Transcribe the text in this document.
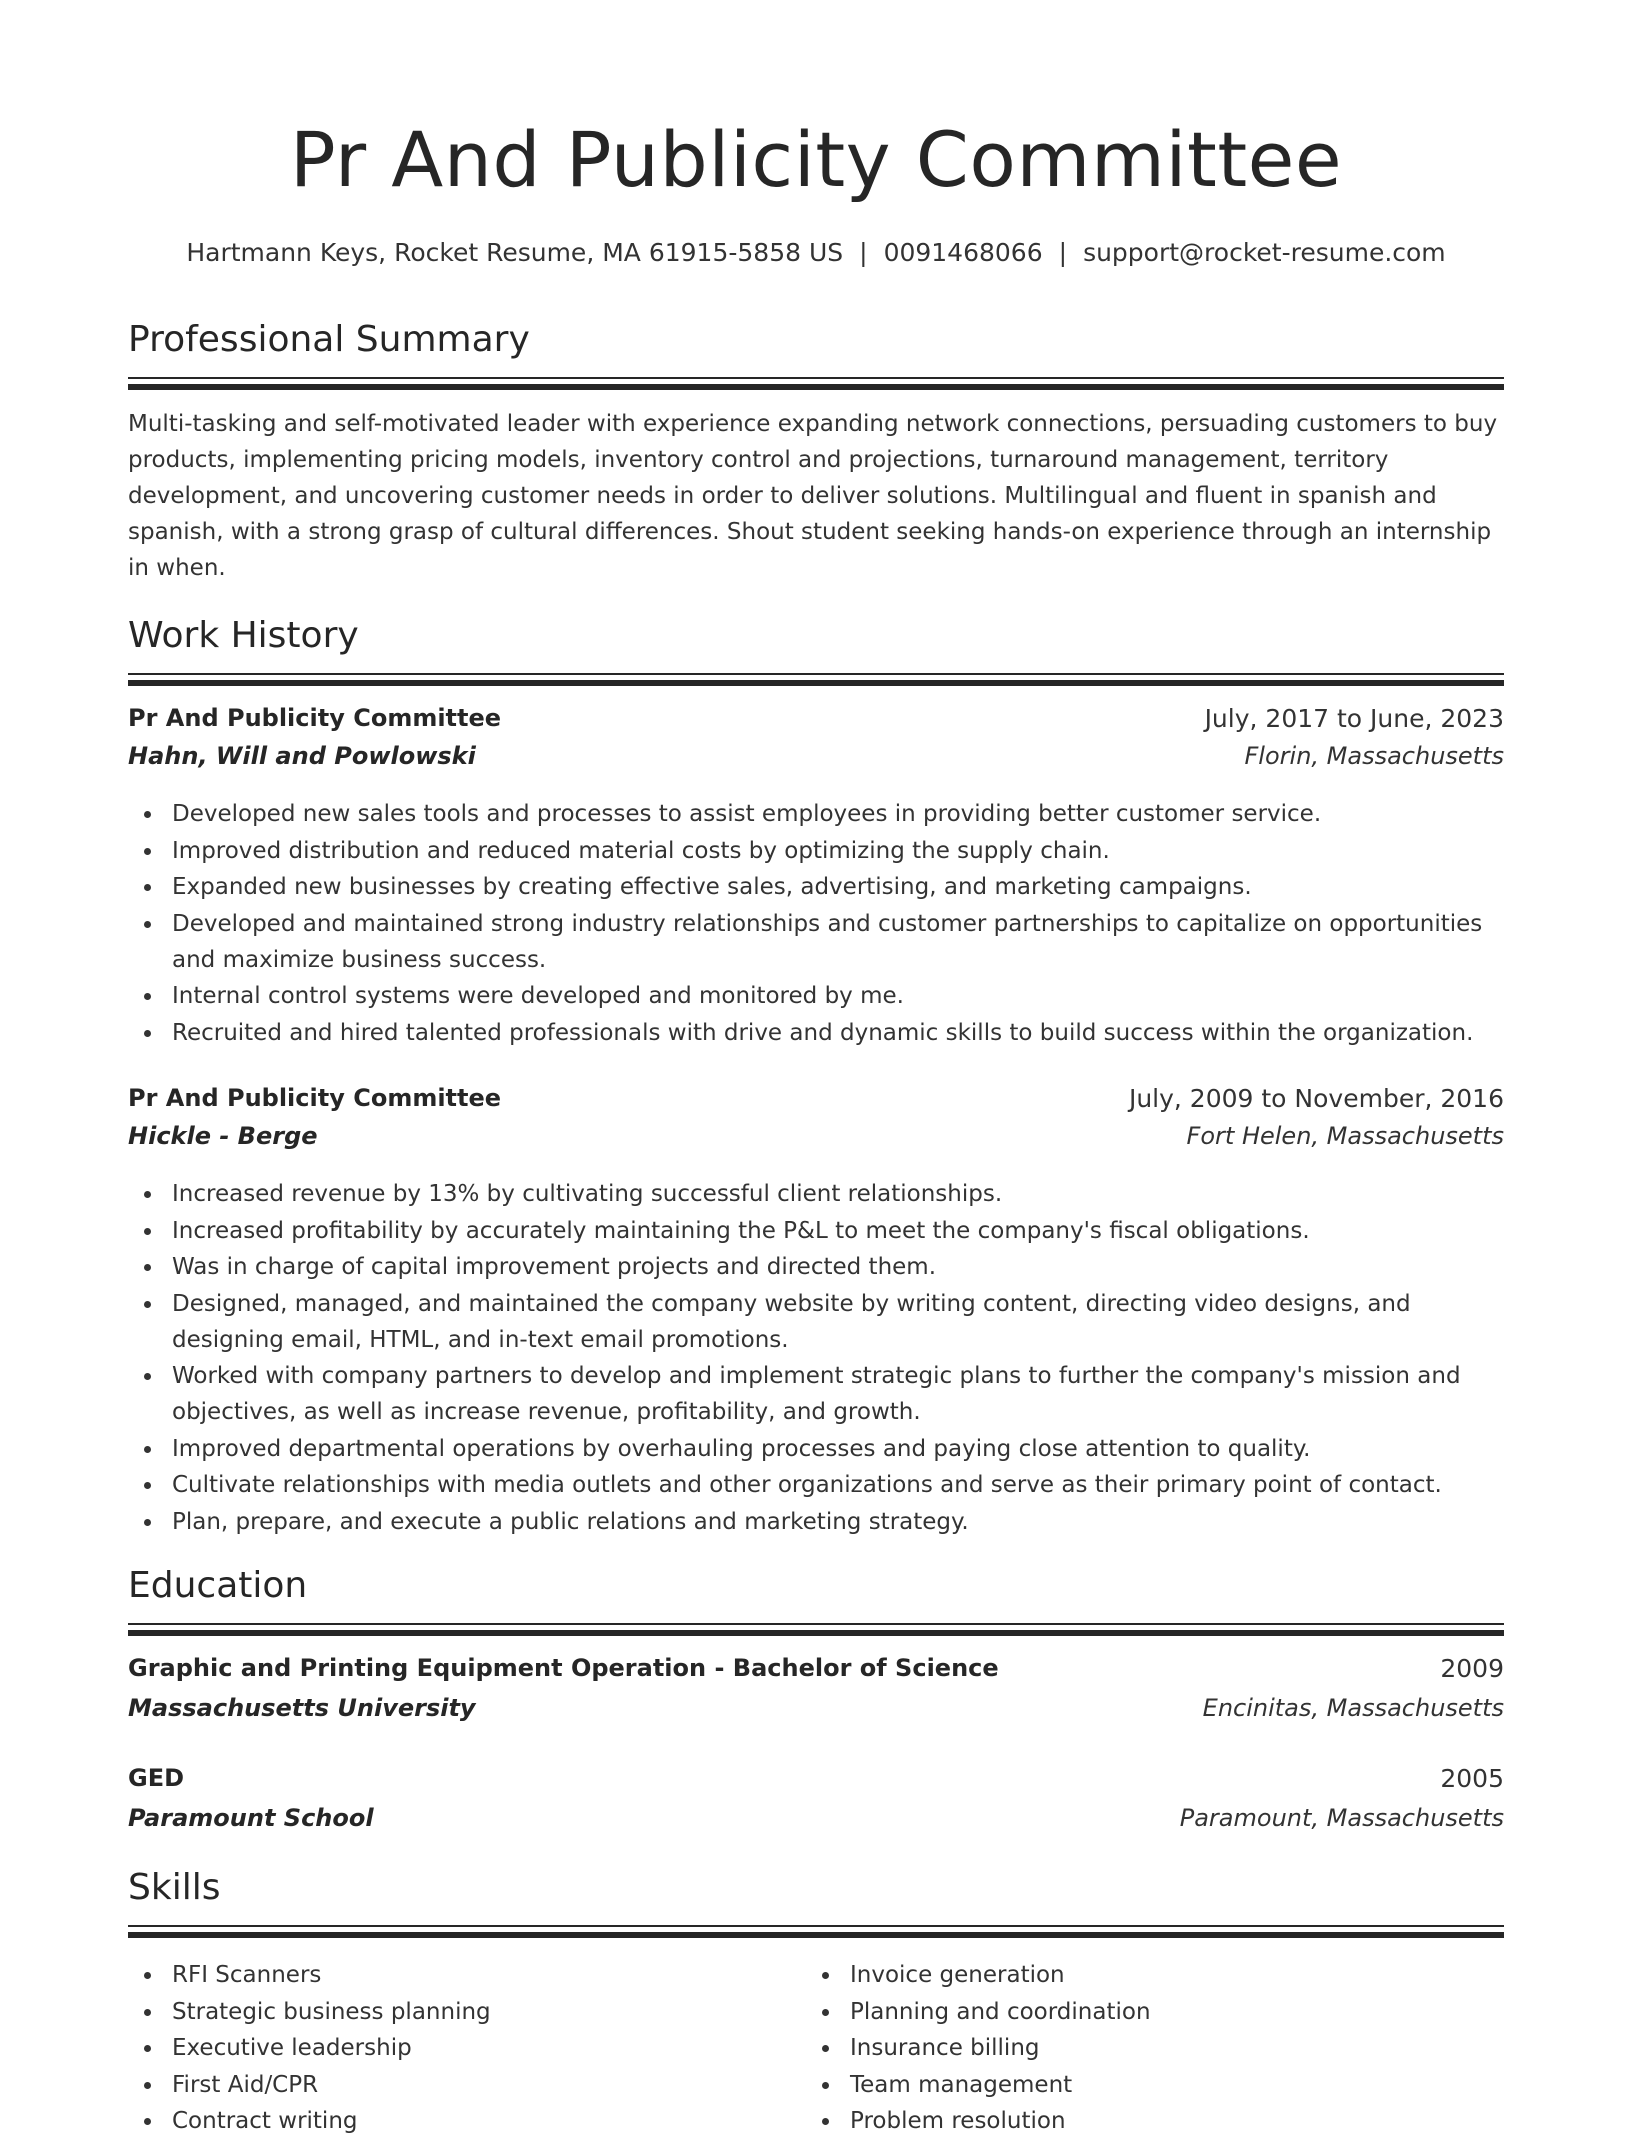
Pr And Publicity Committee
Hartmann Keys, Rocket Resume, MA 61915-5858 US | 0091468066 | support@rocket-resume.com
Professional Summary
Multi-tasking and self-motivated leader with experience expanding network connections, persuading customers to buy products, implementing pricing models, inventory control and projections, turnaround management, territory development, and uncovering customer needs in order to deliver solutions. Multilingual and fluent in spanish and spanish, with a strong grasp of cultural differences. Shout student seeking hands-on experience through an internship in when.
Work History
Pr And Publicity Committee	July, 2017 to June, 2023
Hahn, Will and Powlowski	Florin, Massachusetts
Developed new sales tools and processes to assist employees in providing better customer service.
Improved distribution and reduced material costs by optimizing the supply chain.
Expanded new businesses by creating effective sales, advertising, and marketing campaigns.
Developed and maintained strong industry relationships and customer partnerships to capitalize on opportunities and maximize business success.
Internal control systems were developed and monitored by me.
Recruited and hired talented professionals with drive and dynamic skills to build success within the organization.
Pr And Publicity Committee	July, 2009 to November, 2016
Hickle - Berge	Fort Helen, Massachusetts
Increased revenue by 13% by cultivating successful client relationships.
Increased profitability by accurately maintaining the P&L to meet the company's fiscal obligations.
Was in charge of capital improvement projects and directed them.
Designed, managed, and maintained the company website by writing content, directing video designs, and designing email, HTML, and in-text email promotions.
Worked with company partners to develop and implement strategic plans to further the company's mission and objectives, as well as increase revenue, profitability, and growth.
Improved departmental operations by overhauling processes and paying close attention to quality.
Cultivate relationships with media outlets and other organizations and serve as their primary point of contact.
Plan, prepare, and execute a public relations and marketing strategy.
Education
Graphic and Printing Equipment Operation - Bachelor of Science	2009
Massachusetts University	Encinitas, Massachusetts
GED	2005
Paramount School	Paramount, Massachusetts
Skills
RFI Scanners
Strategic business planning
Executive leadership
First Aid/CPR
Contract writing
Invoice generation
Planning and coordination
Insurance billing
Team management
Problem resolution
